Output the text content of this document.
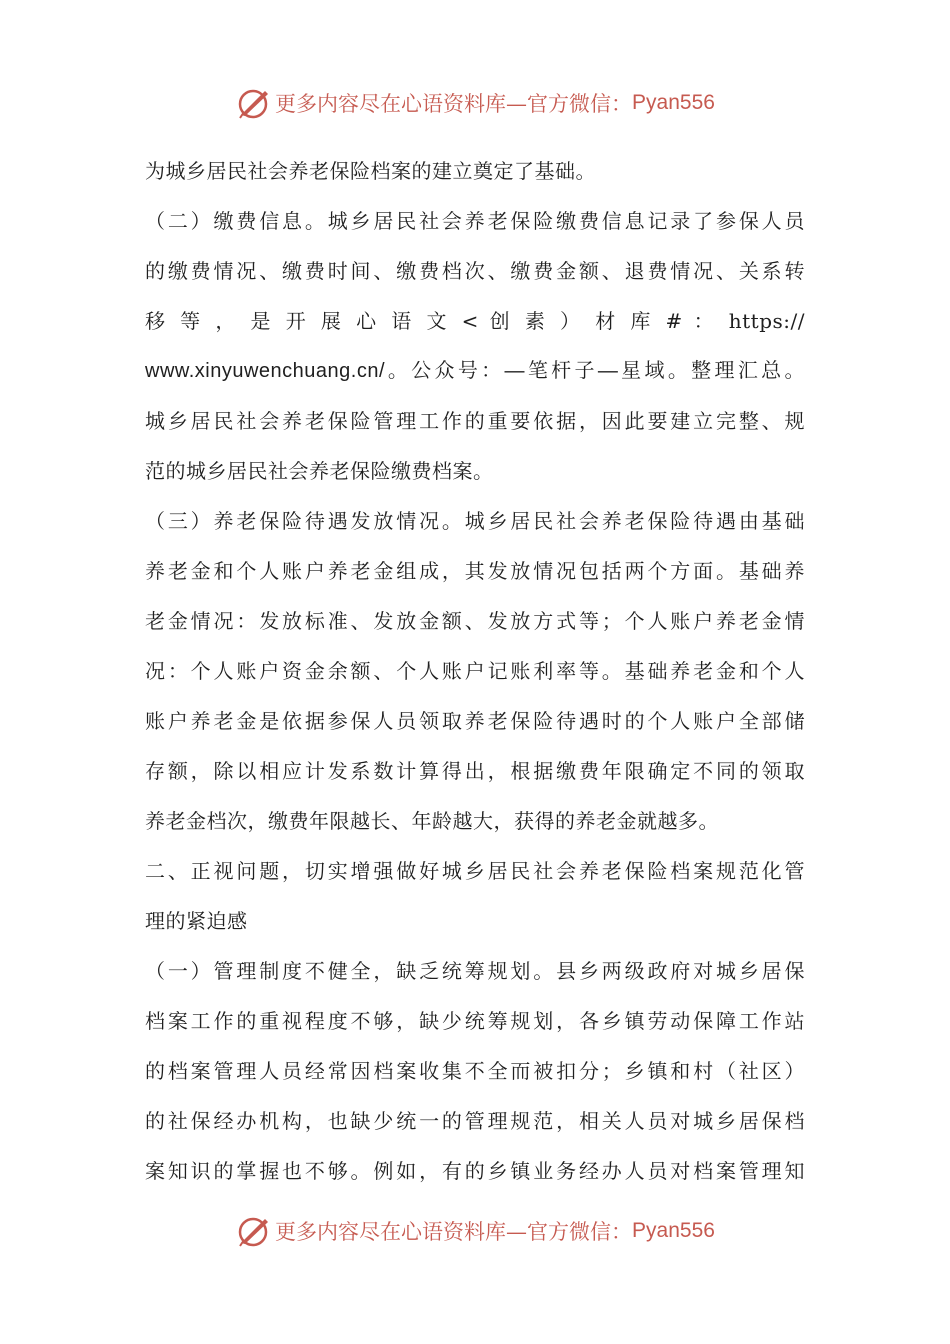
更多内容尽在心语资料库—官方微信： Pyan556
为城乡居民社会养老保险档案的建立奠定了基础。
（二）缴费信息。城乡居民社会养老保险缴费信息记录了参保人员
的缴费情况、缴费时间、缴费档次、缴费金额、退费情况、关系转
移 等 ， 是 开 展 心 语 文 < 创 素 ） 材 库 # ： https://
www.xinyuwenchuang.cn/。公众号：—笔杆子—星域。整理汇总。
城乡居民社会养老保险管理工作的重要依据，因此要建立完整、规
范的城乡居民社会养老保险缴费档案。
（三）养老保险待遇发放情况。城乡居民社会养老保险待遇由基础
养老金和个人账户养老金组成，其发放情况包括两个方面。基础养
老金情况：发放标准、发放金额、发放方式等；个人账户养老金情
况：个人账户资金余额、个人账户记账利率等。基础养老金和个人
账户养老金是依据参保人员领取养老保险待遇时的个人账户全部储
存额，除以相应计发系数计算得出，根据缴费年限确定不同的领取
养老金档次，缴费年限越长、年龄越大，获得的养老金就越多。
二、正视问题，切实增强做好城乡居民社会养老保险档案规范化管
理的紧迫感
（一）管理制度不健全，缺乏统筹规划。县乡两级政府对城乡居保
档案工作的重视程度不够，缺少统筹规划，各乡镇劳动保障工作站
的档案管理人员经常因档案收集不全而被扣分；乡镇和村（社区）
的社保经办机构，也缺少统一的管理规范，相关人员对城乡居保档
案知识的掌握也不够。例如，有的乡镇业务经办人员对档案管理知
更多内容尽在心语资料库—官方微信： Pyan556
